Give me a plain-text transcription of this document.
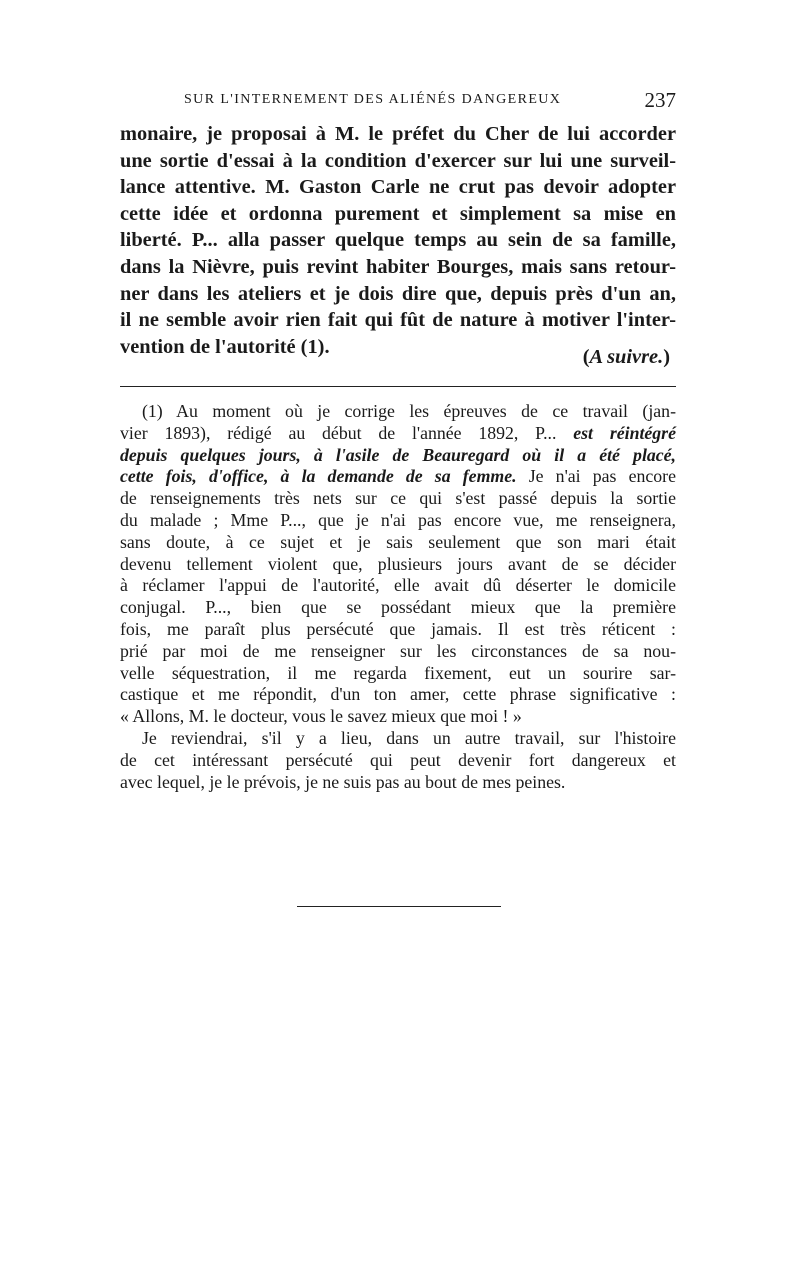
SUR L'INTERNEMENT DES ALIÉNÉS DANGEREUX	237
monaire, je proposai à M. le préfet du Cher de lui accorder
une sortie d'essai à la condition d'exercer sur lui une surveil-
lance attentive. M. Gaston Carle ne crut pas devoir adopter
cette idée et ordonna purement et simplement sa mise en
liberté. P... alla passer quelque temps au sein de sa famille,
dans la Nièvre, puis revint habiter Bourges, mais sans retour-
ner dans les ateliers et je dois dire que, depuis près d'un an,
il ne semble avoir rien fait qui fût de nature à motiver l'inter-
vention de l'autorité (1).	(A suivre.)
(1) Au moment où je corrige les épreuves de ce travail (jan-
vier 1893), rédigé au début de l'année 1892, P... est réintégré
depuis quelques jours, à l'asile de Beauregard où il a été placé,
cette fois, d'office, à la demande de sa femme. Je n'ai pas encore
de renseignements très nets sur ce qui s'est passé depuis la sortie
du malade ; Mme P..., que je n'ai pas encore vue, me renseignera,
sans doute, à ce sujet et je sais seulement que son mari était
devenu tellement violent que, plusieurs jours avant de se décider
à réclamer l'appui de l'autorité, elle avait dû déserter le domicile
conjugal. P..., bien que se possédant mieux que la première
fois, me paraît plus persécuté que jamais. Il est très réticent :
prié par moi de me renseigner sur les circonstances de sa nou-
velle séquestration, il me regarda fixement, eut un sourire sar-
castique et me répondit, d'un ton amer, cette phrase significative :
« Allons, M. le docteur, vous le savez mieux que moi ! »
Je reviendrai, s'il y a lieu, dans un autre travail, sur l'histoire
de cet intéressant persécuté qui peut devenir fort dangereux et
avec lequel, je le prévois, je ne suis pas au bout de mes peines.
